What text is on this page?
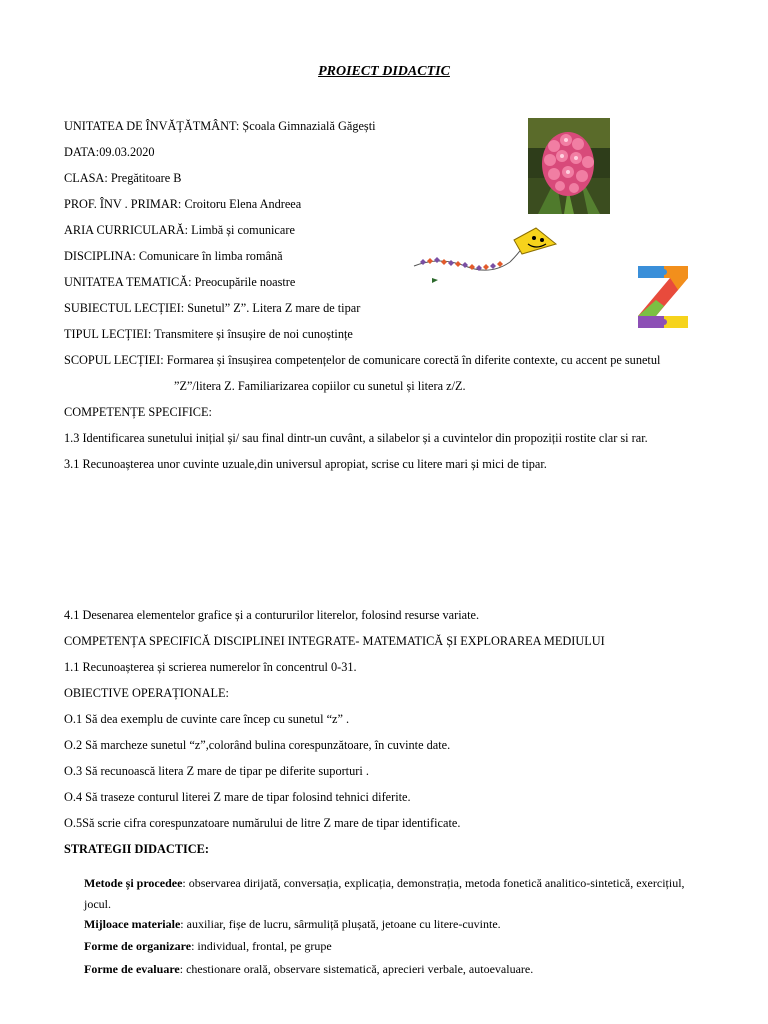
PROIECT DIDACTIC
UNITATEA DE ÎNVĂȚĂTMÂNT: Școala Gimnazială Găgești
DATA:09.03.2020
CLASA: Pregătitoare B
PROF. ÎNV . PRIMAR: Croitoru Elena Andreea
ARIA CURRICULARĂ: Limbă și comunicare
DISCIPLINA: Comunicare în limba română
UNITATEA TEMATICĂ: Preocupările noastre
SUBIECTUL LECȚIEI: Sunetul” Z”. Litera Z mare de tipar
TIPUL LECȚIEI: Transmitere și însușire de noi cunoștințe
SCOPUL LECȚIEI: Formarea și însușirea competențelor de comunicare corectă în diferite contexte, cu accent pe sunetul
”Z”/litera Z. Familiarizarea copiilor cu sunetul și litera z/Z.
COMPETENȚE SPECIFICE:
1.3 Identificarea sunetului inițial și/ sau final dintr-un cuvânt, a silabelor și a cuvintelor din propoziții rostite clar si rar.
3.1 Recunoașterea unor cuvinte uzuale,din universul apropiat, scrise cu litere mari și mici de tipar.
4.1 Desenarea elementelor grafice și a contururilor literelor, folosind resurse variate.
COMPETENȚA SPECIFICĂ DISCIPLINEI INTEGRATE- MATEMATICĂ ȘI EXPLORAREA MEDIULUI
1.1 Recunoașterea și scrierea numerelor în concentrul 0-31.
OBIECTIVE OPERAȚIONALE:
O.1 Să dea exemplu de cuvinte care încep cu sunetul “z” .
O.2 Să marcheze sunetul “z”,colorând bulina corespunzătoare, în cuvinte date.
O.3 Să recunoască litera Z mare de tipar pe diferite suporturi .
O.4 Să traseze conturul literei Z mare de tipar folosind tehnici diferite.
O.5Să scrie cifra corespunzatoare numărului de litre Z mare de tipar identificate.
STRATEGII DIDACTICE:
Metode și procedee: observarea dirijată, conversația, explicația, demonstrația, metoda fonetică analitico-sintetică, exercițiul, jocul.
Mijloace materiale: auxiliar, fișe de lucru, sârmuliță plușată, jetoane cu litere-cuvinte.
Forme de organizare: individual, frontal, pe grupe
Forme de evaluare: chestionare orală, observare sistematică, aprecieri verbale, autoevaluare.
